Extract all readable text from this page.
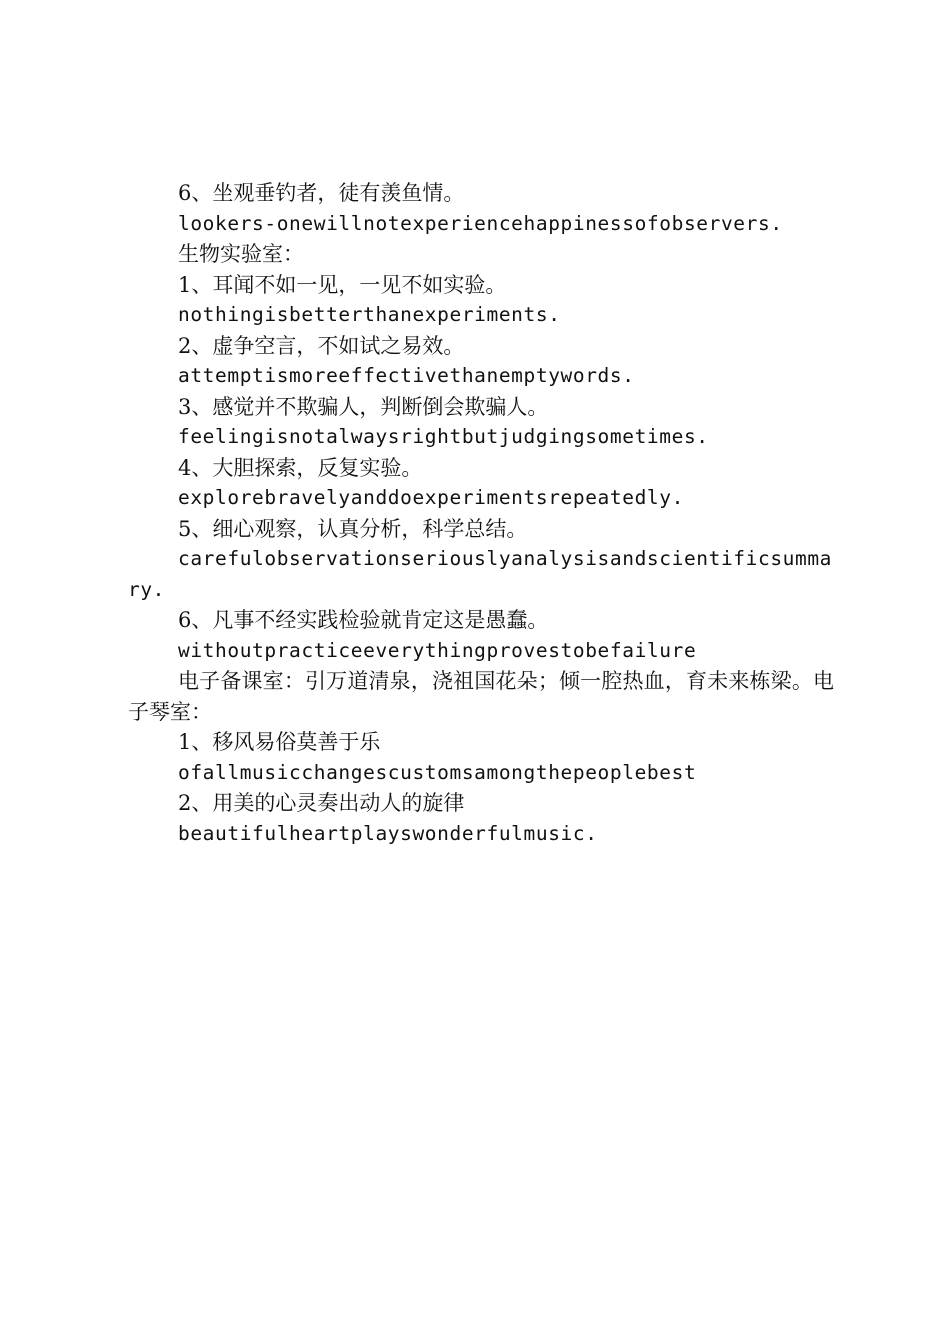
6、坐观垂钓者，徒有羡鱼情。

lookers-onewillnotexperiencehappinessofobservers.

生物实验室：

1、耳闻不如一见，一见不如实验。

nothingisbetterthanexperiments.

2、虚争空言，不如试之易效。

attemptismoreeffectivethanemptywords.

3、感觉并不欺骗人，判断倒会欺骗人。

feelingisnotalwaysrightbutjudgingsometimes.

4、大胆探索，反复实验。

explorebravelyanddoexperimentsrepeatedly.

5、细心观察，认真分析，科学总结。

carefulobservationseriouslyanalysisandscientificsummary.

6、凡事不经实践检验就肯定这是愚蠢。

withoutpracticeeverythingprovestobefailure

电子备课室：引万道清泉，浇祖国花朵；倾一腔热血，育未来栋梁。电子琴室：

1、移风易俗莫善于乐

ofallmusicchangescustomsamongthepeoplebest

2、用美的心灵奏出动人的旋律

beautifulheartplayswonderfulmusic.
